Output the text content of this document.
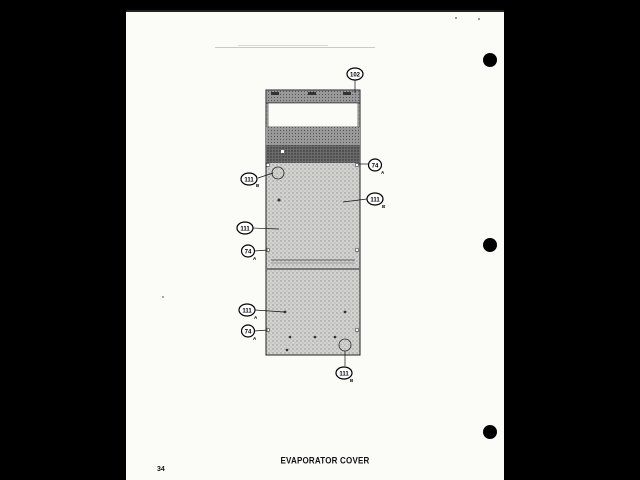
102
74
A
111
B
111
B
111
74
A
111
A
74
A
111
B
34
EVAPORATOR COVER
